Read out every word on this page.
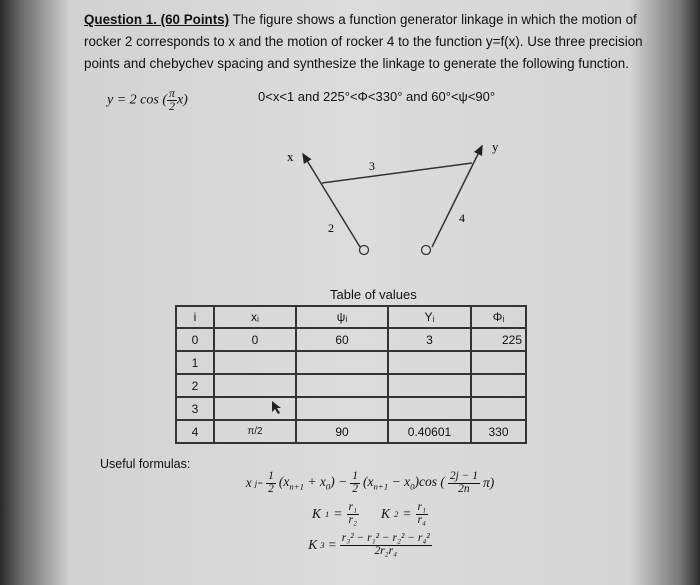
Question 1. (60 Points) The figure shows a function generator linkage in which the motion of rocker 2 corresponds to x and the motion of rocker 4 to the function y=f(x). Use three precision points and chebychev spacing and synthesize the linkage to generate the following function.
y = 2 cos ( $\frac{\pi}{2} x$)	0<x<1 and 225°<Φ<330° and 60°<ψ<90°
x
y
3
2
4
Table of values
i	xᵢ	ψᵢ	Yᵢ	Φᵢ
0	0	60	3	225
1				
2				
3				
4	π/2	90	0.40601	330
Useful formulas:
x $j= \frac{1}{2} (x_{n+1} + x_0) - \frac{1}{2} (x_{n+1} - x_0)\cos$ ( $\frac{2j - 1}{2n} \pi$)
K $1 = \frac{\text{r₁}}{\text{r₂}}$ K $2 = \frac{\text{r₁}}{\text{r₄}}$
K $3 = \frac{\text{r₃² − r₁² − r₂² − r₄²}}{\text{2r₂r₄}}$
